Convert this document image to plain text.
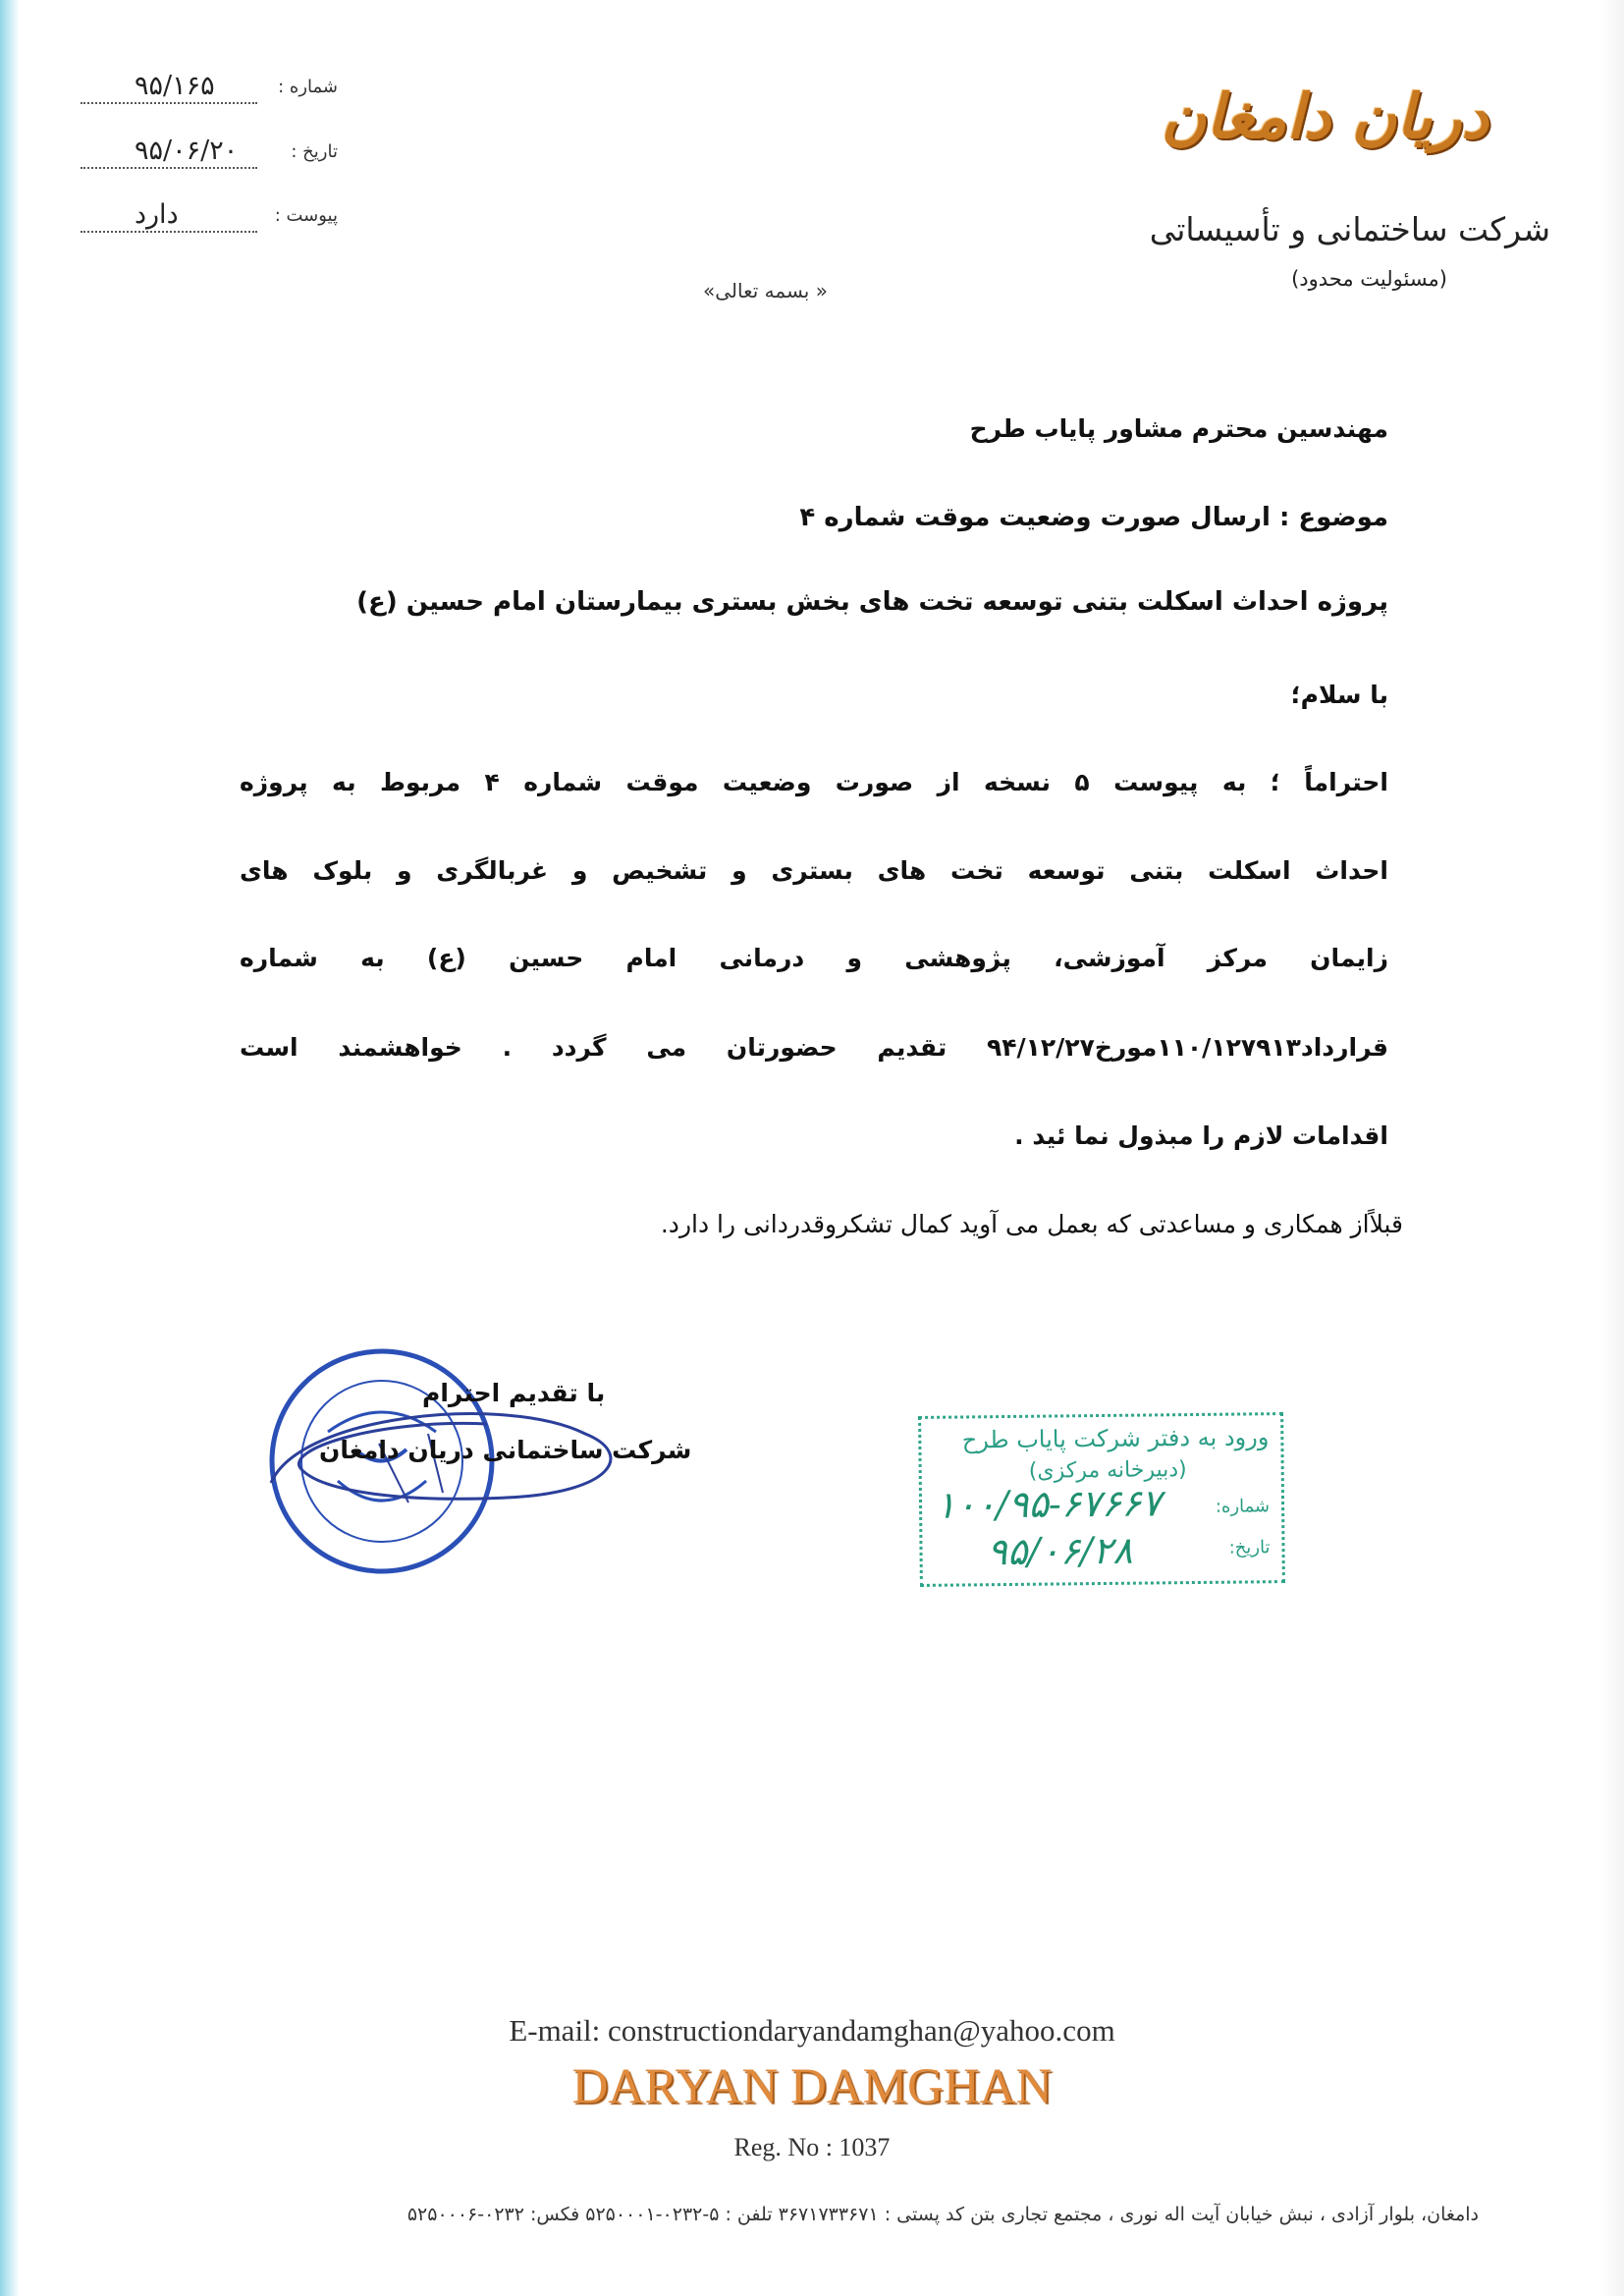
دریان دامغان
شرکت ساختمانی و تأسیساتی
(مسئولیت محدود)
شماره :
۹۵/۱۶۵
تاریخ :
۹۵/۰۶/۲۰
پیوست :
دارد
« بسمه تعالی»
مهندسین محترم مشاور پایاب طرح
موضوع : ارسال صورت وضعیت موقت شماره ۴
پروژه احداث اسکلت بتنی توسعه تخت های بخش بستری بیمارستان امام حسین (ع)
با سلام؛
احتراماً ؛ به پیوست ۵ نسخه از صورت وضعیت موقت شماره ۴ مربوط به پروژه
احداث اسکلت بتنی توسعه تخت های بستری و تشخیص و غربالگری و بلوک های
زایمان مرکز آموزشی، پژوهشی و درمانی امام حسین (ع) به شماره
قرارداد۱۱۰/۱۲۷۹۱۳مورخ۹۴/۱۲/۲۷ تقدیم حضورتان می گردد . خواهشمند است
اقدامات لازم را مبذول نما ئید .
قبلاًاز همکاری و مساعدتی که بعمل می آوید کمال تشکروقدردانی را دارد.
با تقدیم احترام
شرکت ساختمانی دریان دامغان	ورود به دفتر شرکت پایاب طرح
(دبیرخانه مرکزی)
شماره:
تاریخ:
۱۰۰/۹۵-۶۷۶۶۷
۹۵/۰۶/۲۸
E-mail: constructiondaryandamghan@yahoo.com
DARYAN DAMGHAN
Reg. No : 1037
دامغان، بلوار آزادی ، نبش خیابان آیت اله نوری ، مجتمع تجاری بتن کد پستی : ۳۶۷۱۷۳۳۶۷۱ تلفن : ۵-۰۲۳۲-۵۲۵۰۰۰۱ فکس: ۰۲۳۲-۵۲۵۰۰۰۶
